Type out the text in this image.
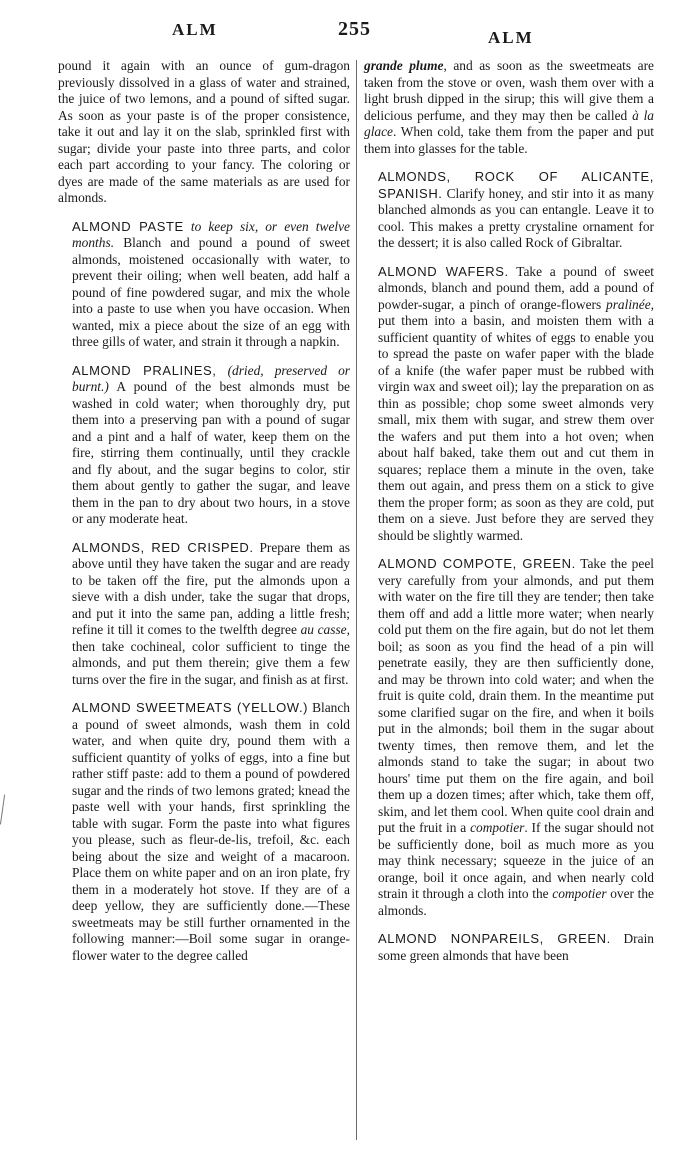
ALM	255	ALM

pound it again with an ounce of gum-dragon previously dissolved in a glass of water and strained, the juice of two lemons, and a pound of sifted sugar. As soon as your paste is of the proper consistence, take it out and lay it on the slab, sprinkled first with sugar; divide your paste into three parts, and color each part according to your fancy. The coloring or dyes are made of the same materials as are used for almonds.

ALMOND PASTE to keep six, or even twelve months. Blanch and pound a pound of sweet almonds, moistened occasionally with water, to prevent their oiling; when well beaten, add half a pound of fine powdered sugar, and mix the whole into a paste to use when you have occasion. When wanted, mix a piece about the size of an egg with three gills of water, and strain it through a napkin.

ALMOND PRALINES, (dried, preserved or burnt.) A pound of the best almonds must be washed in cold water; when thoroughly dry, put them into a preserving pan with a pound of sugar and a pint and a half of water, keep them on the fire, stirring them continually, until they crackle and fly about, and the sugar begins to color, stir them about gently to gather the sugar, and leave them in the pan to dry about two hours, in a stove or any moderate heat.

ALMONDS, RED CRISPED. Prepare them as above until they have taken the sugar and are ready to be taken off the fire, put the almonds upon a sieve with a dish under, take the sugar that drops, and put it into the same pan, adding a little fresh; refine it till it comes to the twelfth degree au casse, then take cochineal, color sufficient to tinge the almonds, and put them therein; give them a few turns over the fire in the sugar, and finish as at first.

ALMOND SWEETMEATS (YELLOW.) Blanch a pound of sweet almonds, wash them in cold water, and when quite dry, pound them with a sufficient quantity of yolks of eggs, into a fine but rather stiff paste: add to them a pound of powdered sugar and the rinds of two lemons grated; knead the paste well with your hands, first sprinkling the table with sugar. Form the paste into what figures you please, such as fleur-de-lis, trefoil, &c. each being about the size and weight of a macaroon. Place them on white paper and on an iron plate, fry them in a moderately hot stove. If they are of a deep yellow, they are sufficiently done.—These sweetmeats may be still further ornamented in the following manner:—Boil some sugar in orange-flower water to the degree called

grande plume, and as soon as the sweetmeats are taken from the stove or oven, wash them over with a light brush dipped in the sirup; this will give them a delicious perfume, and they may then be called à la glace. When cold, take them from the paper and put them into glasses for the table.

ALMONDS, ROCK OF ALICANTE, SPANISH. Clarify honey, and stir into it as many blanched almonds as you can entangle. Leave it to cool. This makes a pretty crystaline ornament for the dessert; it is also called Rock of Gibraltar.

ALMOND WAFERS. Take a pound of sweet almonds, blanch and pound them, add a pound of powder-sugar, a pinch of orange-flowers pralinée, put them into a basin, and moisten them with a sufficient quantity of whites of eggs to enable you to spread the paste on wafer paper with the blade of a knife (the wafer paper must be rubbed with virgin wax and sweet oil); lay the preparation on as thin as possible; chop some sweet almonds very small, mix them with sugar, and strew them over the wafers and put them into a hot oven; when about half baked, take them out and cut them in squares; replace them a minute in the oven, take them out again, and press them on a stick to give them the proper form; as soon as they are cold, put them on a sieve. Just before they are served they should be slightly warmed.

ALMOND COMPOTE, GREEN. Take the peel very carefully from your almonds, and put them with water on the fire till they are tender; then take them off and add a little more water; when nearly cold put them on the fire again, but do not let them boil; as soon as you find the head of a pin will penetrate easily, they are then sufficiently done, and may be thrown into cold water; and when the fruit is quite cold, drain them. In the meantime put some clarified sugar on the fire, and when it boils put in the almonds; boil them in the sugar about twenty times, then remove them, and let the almonds stand to take the sugar; in about two hours' time put them on the fire again, and boil them up a dozen times; after which, take them off, skim, and let them cool. When quite cool drain and put the fruit in a compotier. If the sugar should not be sufficiently done, boil as much more as you may think necessary; squeeze in the juice of an orange, boil it once again, and when nearly cold strain it through a cloth into the compotier over the almonds.

ALMOND NONPAREILS, GREEN. Drain some green almonds that have been
